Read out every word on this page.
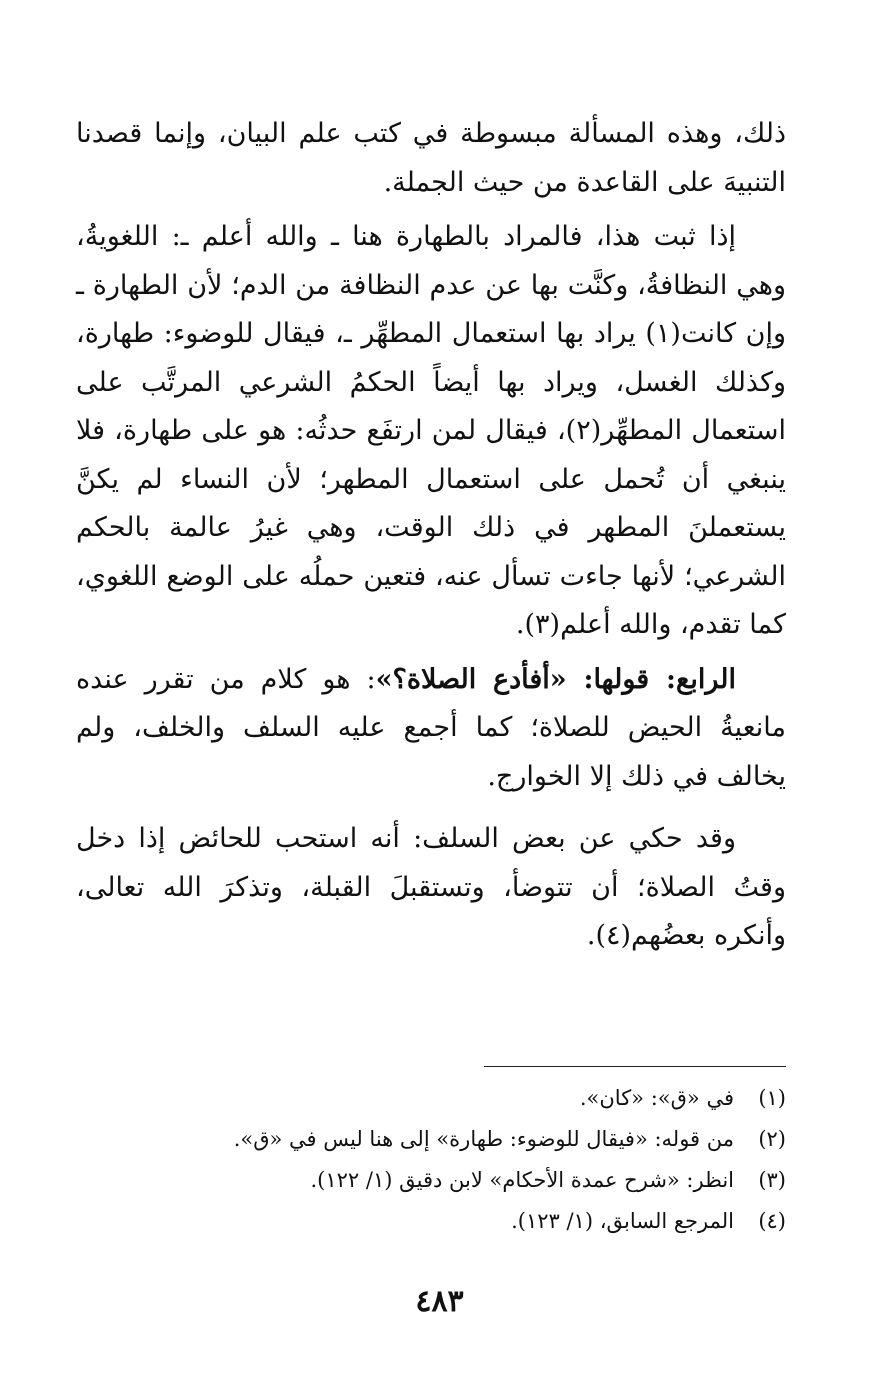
ذلك، وهذه المسألة مبسوطة في كتب علم البيان، وإنما قصدنا التنبيهَ على القاعدة من حيث الجملة.

إذا ثبت هذا، فالمراد بالطهارة هنا ـ والله أعلم ـ: اللغويةُ، وهي النظافةُ، وكنَّت بها عن عدم النظافة من الدم؛ لأن الطهارة ـ وإن كانت(١) يراد بها استعمال المطهِّر ـ، فيقال للوضوء: طهارة، وكذلك الغسل، ويراد بها أيضاً الحكمُ الشرعي المرتَّب على استعمال المطهِّر(٢)، فيقال لمن ارتفَع حدثُه: هو على طهارة، فلا ينبغي أن تُحمل على استعمال المطهر؛ لأن النساء لم يكنَّ يستعملنَ المطهر في ذلك الوقت، وهي غيرُ عالمة بالحكم الشرعي؛ لأنها جاءت تسأل عنه، فتعين حملُه على الوضع اللغوي، كما تقدم، والله أعلم(٣).

الرابع: قولها: «أفأدع الصلاة؟»: هو كلام من تقرر عنده مانعيةُ الحيض للصلاة؛ كما أجمع عليه السلف والخلف، ولم يخالف في ذلك إلا الخوارج.

وقد حكي عن بعض السلف: أنه استحب للحائض إذا دخل وقتُ الصلاة؛ أن تتوضأ، وتستقبلَ القبلة، وتذكرَ الله تعالى، وأنكره بعضُهم(٤).

(١)
في «ق»: «كان».
(٢)
من قوله: «فيقال للوضوء: طهارة» إلى هنا ليس في «ق».
(٣)
انظر: «شرح عمدة الأحكام» لابن دقيق (١/ ١٢٢).
(٤)
المرجع السابق، (١/ ١٢٣).
٤٨٣
